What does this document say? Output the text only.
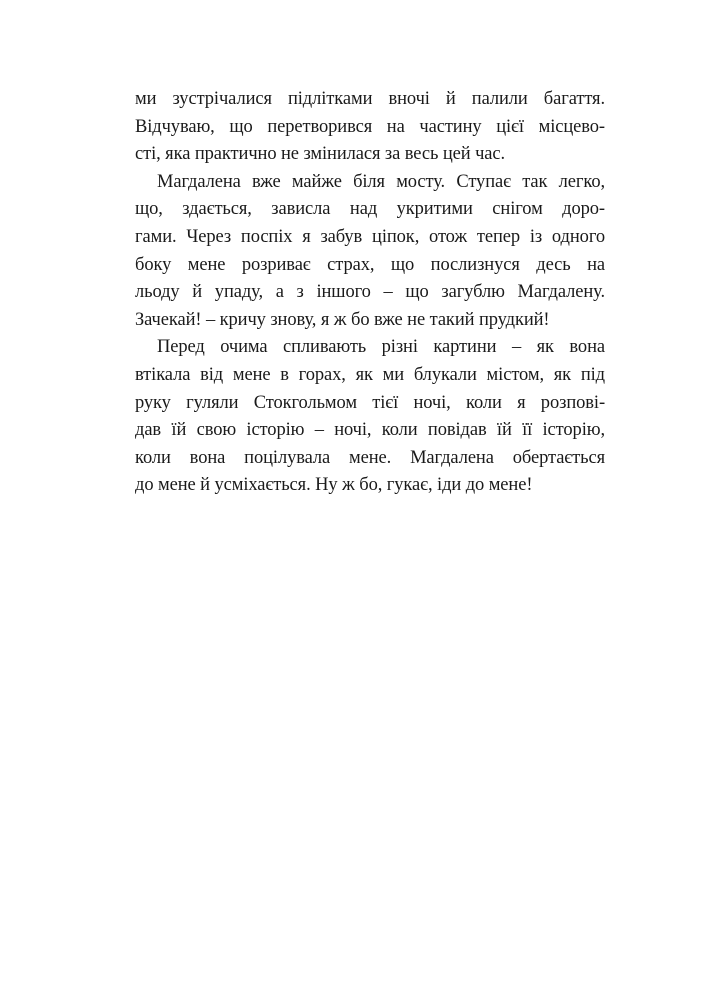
ми зустрічалися підлітками вночі й палили багаття.
Відчуваю, що перетворився на частину цієї місцево-
сті, яка практично не змінилася за весь цей час.
Магдалена вже майже біля мосту. Ступає так легко,
що, здається, зависла над укритими снігом доро-
гами. Через поспіх я забув ціпок, отож тепер із одного
боку мене розриває страх, що послизнуся десь на
льоду й упаду, а з іншого – що загублю Магдалену.
Зачекай! – кричу знову, я ж бо вже не такий прудкий!
Перед очима спливають різні картини – як вона
втікала від мене в горах, як ми блукали містом, як під
руку гуляли Стокгольмом тієї ночі, коли я розпові-
дав їй свою історію – ночі, коли повідав їй її історію,
коли вона поцілувала мене. Магдалена обертається
до мене й усміхається. Ну ж бо, гукає, іди до мене!
